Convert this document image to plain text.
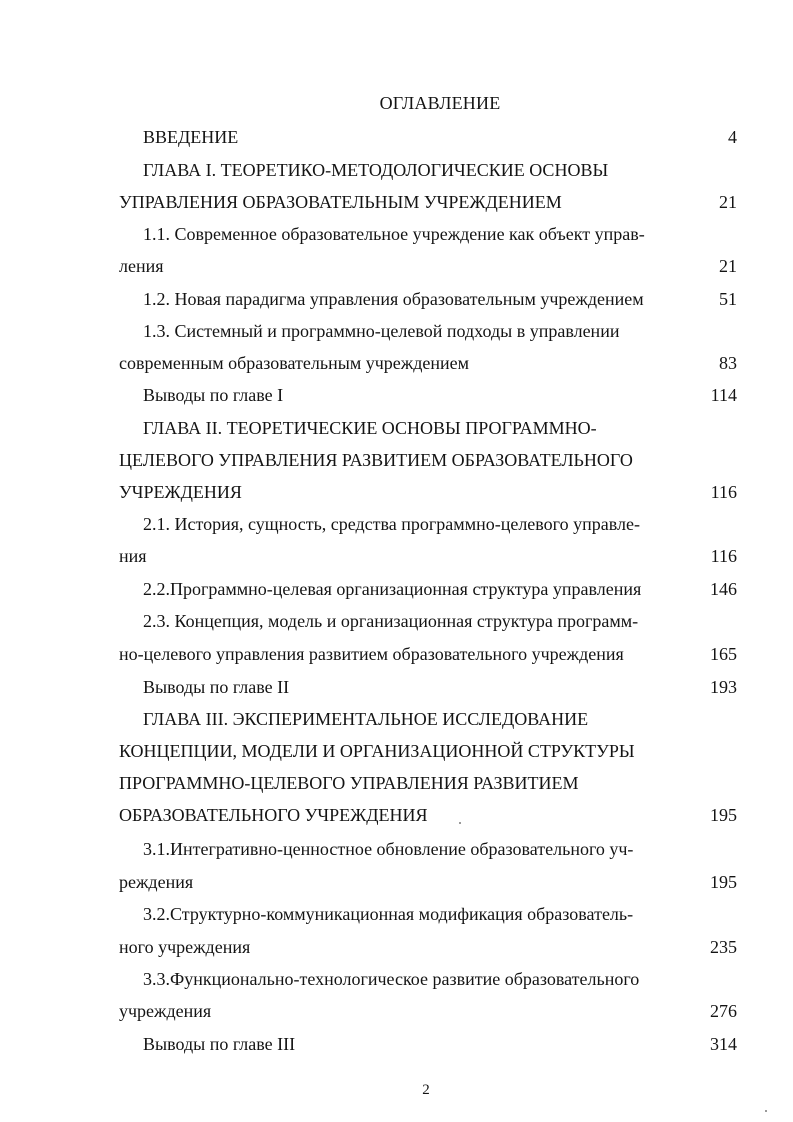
ОГЛАВЛЕНИЕ
ВВЕДЕНИЕ	4
ГЛАВА I. ТЕОРЕТИКО-МЕТОДОЛОГИЧЕСКИЕ ОСНОВЫ
УПРАВЛЕНИЯ ОБРАЗОВАТЕЛЬНЫМ УЧРЕЖДЕНИЕМ	21
1.1. Современное образовательное учреждение как объект управ-
ления	21
1.2. Новая парадигма управления образовательным учреждением	51
1.3. Системный и программно-целевой подходы в управлении
современным образовательным учреждением	83
Выводы по главе I	114
ГЛАВА II. ТЕОРЕТИЧЕСКИЕ ОСНОВЫ ПРОГРАММНО-
ЦЕЛЕВОГО УПРАВЛЕНИЯ РАЗВИТИЕМ ОБРАЗОВАТЕЛЬНОГО
УЧРЕЖДЕНИЯ	116
2.1. История, сущность, средства программно-целевого управле-
ния	116
2.2.Программно-целевая организационная структура управления	146
2.3. Концепция, модель и организационная структура программ-
но-целевого управления развитием образовательного учреждения	165
Выводы по главе II	193
ГЛАВА III. ЭКСПЕРИМЕНТАЛЬНОЕ ИССЛЕДОВАНИЕ
КОНЦЕПЦИИ, МОДЕЛИ И ОРГАНИЗАЦИОННОЙ СТРУКТУРЫ
ПРОГРАММНО-ЦЕЛЕВОГО УПРАВЛЕНИЯ РАЗВИТИЕМ
ОБРАЗОВАТЕЛЬНОГО УЧРЕЖДЕНИЯ	195
3.1.Интегративно-ценностное обновление образовательного уч-
реждения	195
3.2.Структурно-коммуникационная модификация образователь-
ного учреждения	235
3.3.Функционально-технологическое развитие образовательного
учреждения	276
Выводы по главе III	314
2
